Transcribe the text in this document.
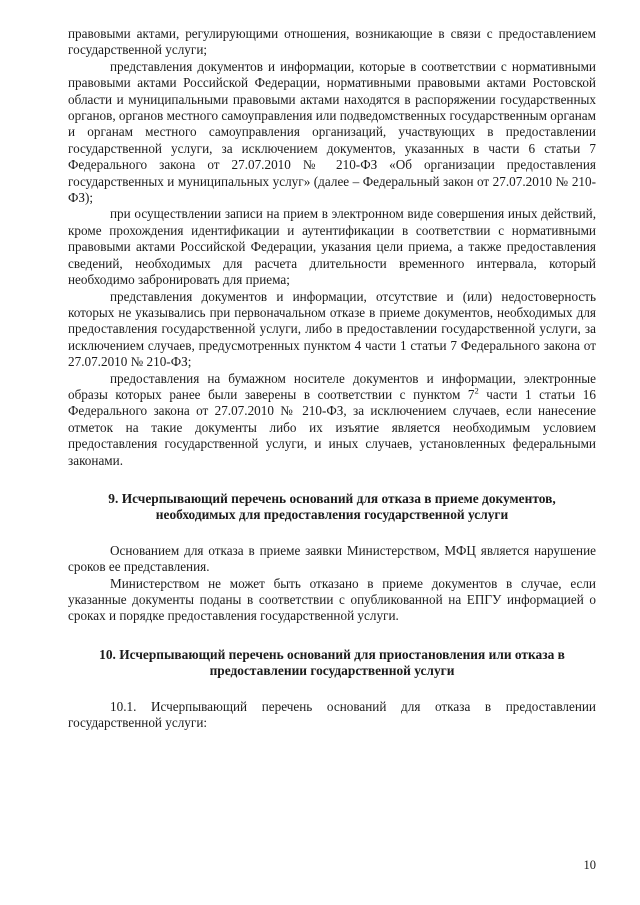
правовыми актами, регулирующими отношения, возникающие в связи с предоставлением государственной услуги;

представления документов и информации, которые в соответствии с нормативными правовыми актами Российской Федерации, нормативными правовыми актами Ростовской области и муниципальными правовыми актами находятся в распоряжении государственных органов, органов местного самоуправления или подведомственных государственным органам и органам местного самоуправления организаций, участвующих в предоставлении государственной услуги, за исключением документов, указанных в части 6 статьи 7 Федерального закона от 27.07.2010 № 210-ФЗ «Об организации предоставления государственных и муниципальных услуг» (далее – Федеральный закон от 27.07.2010 № 210-ФЗ);

при осуществлении записи на прием в электронном виде совершения иных действий, кроме прохождения идентификации и аутентификации в соответствии с нормативными правовыми актами Российской Федерации, указания цели приема, а также предоставления сведений, необходимых для расчета длительности временного интервала, который необходимо забронировать для приема;

представления документов и информации, отсутствие и (или) недостоверность которых не указывались при первоначальном отказе в приеме документов, необходимых для предоставления государственной услуги, либо в предоставлении государственной услуги, за исключением случаев, предусмотренных пунктом 4 части 1 статьи 7 Федерального закона от 27.07.2010 № 210-ФЗ;

предоставления на бумажном носителе документов и информации, электронные образы которых ранее были заверены в соответствии с пунктом $7^2$ части 1 статьи 16 Федерального закона от 27.07.2010 № 210-ФЗ, за исключением случаев, если нанесение отметок на такие документы либо их изъятие является необходимым условием предоставления государственной услуги, и иных случаев, установленных федеральными законами.

9. Исчерпывающий перечень оснований для отказа в приеме документов, необходимых для предоставления государственной услуги

Основанием для отказа в приеме заявки Министерством, МФЦ является нарушение сроков ее представления.

Министерством не может быть отказано в приеме документов в случае, если указанные документы поданы в соответствии с опубликованной на ЕПГУ информацией о сроках и порядке предоставления государственной услуги.

10. Исчерпывающий перечень оснований для приостановления или отказа в предоставлении государственной услуги

10.1. Исчерпывающий перечень оснований для отказа в предоставлении государственной услуги:

10
